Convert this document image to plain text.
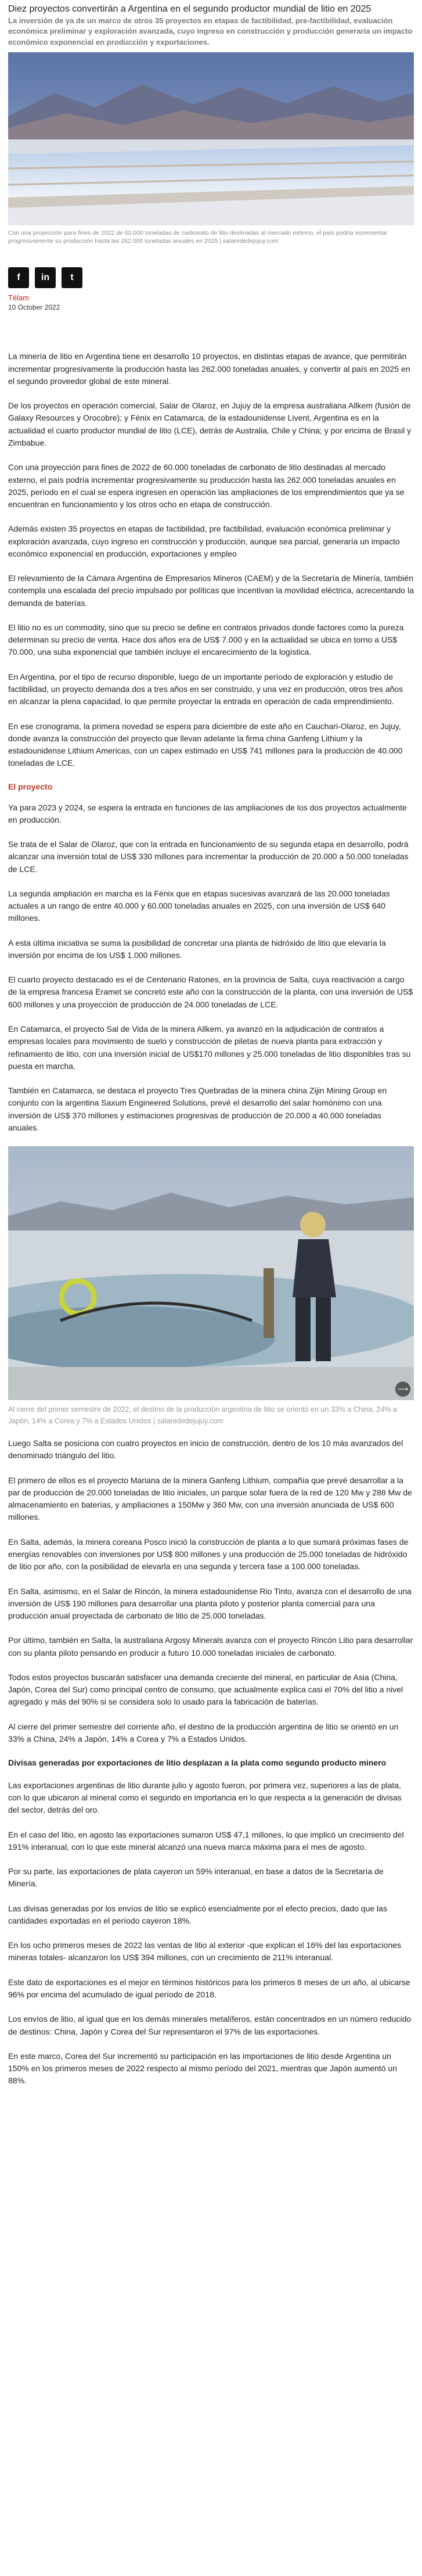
Diez proyectos convertirán a Argentina en el segundo productor mundial de litio en 2025

La inversión de ya de un marco de otros 35 proyectos en etapas de factibilidad, pre-factibilidad, evaluación económica preliminar y exploración avanzada, cuyo ingreso en construcción y producción generaría un impacto económico exponencial en producción y exportaciones.

Con una proyección para fines de 2022 de 60.000 toneladas de carbonato de litio destinadas al mercado externo, el país podría incrementar progresivamente su producción hasta las 262.000 toneladas anuales en 2025 | salarededejujuy.com

f in t

Télam

10 October 2022

La minería de litio en Argentina tiene en desarrollo 10 proyectos, en distintas etapas de avance, que permitirán incrementar progresivamente la producción hasta las 262.000 toneladas anuales, y convertir al país en 2025 en el segundo proveedor global de este mineral.

De los proyectos en operación comercial, Salar de Olaroz, en Jujuy de la empresa australiana Allkem (fusión de Galaxy Resources y Orocobre); y Fénix en Catamarca, de la estadounidense Livent, Argentina es en la actualidad el cuarto productor mundial de litio (LCE), detrás de Australia, Chile y China; y por encima de Brasil y Zimbabue.

Con una proyección para fines de 2022 de 60.000 toneladas de carbonato de litio destinadas al mercado externo, el país podría incrementar progresivamente su producción hasta las 262.000 toneladas anuales en 2025, período en el cual se espera ingresen en operación las ampliaciones de los emprendimientos que ya se encuentran en funcionamiento y los otros ocho en etapa de construcción.

Además existen 35 proyectos en etapas de factibilidad, pre factibilidad, evaluación económica preliminar y exploración avanzada, cuyo ingreso en construcción y producción, aunque sea parcial, generaría un impacto económico exponencial en producción, exportaciones y empleo

El relevamiento de la Cámara Argentina de Empresarios Mineros (CAEM) y de la Secretaría de Minería, también contempla una escalada del precio impulsado por políticas que incentivan la movilidad eléctrica, acrecentando la demanda de baterías.

El litio no es un commodity, sino que su precio se define en contratos privados donde factores como la pureza determinan su precio de venta. Hace dos años era de US$ 7.000 y en la actualidad se ubica en torno a US$ 70.000, una suba exponencial que también incluye el encarecimiento de la logística.

En Argentina, por el tipo de recurso disponible, luego de un importante período de exploración y estudio de factibilidad, un proyecto demanda dos a tres años en ser construido, y una vez en producción, otros tres años en alcanzar la plena capacidad, lo que permite proyectar la entrada en operación de cada emprendimiento.

En ese cronograma, la primera novedad se espera para diciembre de este año en Cauchari-Olaroz, en Jujuy, donde avanza la construcción del proyecto que llevan adelante la firma china Ganfeng Lithium y la estadounidense Lithium Americas, con un capex estimado en US$ 741 millones para la producción de 40.000 toneladas de LCE.

El proyecto

Ya para 2023 y 2024, se espera la entrada en funciones de las ampliaciones de los dos proyectos actualmente en producción.

Se trata de el Salar de Olaroz, que con la entrada en funcionamiento de su segunda etapa en desarrollo, podrá alcanzar una inversión total de US$ 330 millones para incrementar la producción de 20.000 a 50.000 toneladas de LCE.

La segunda ampliación en marcha es la Fénix que en etapas sucesivas avanzará de las 20.000 toneladas actuales a un rango de entre 40.000 y 60.000 toneladas anuales en 2025, con una inversión de US$ 640 millones.

A esta última iniciativa se suma la posibilidad de concretar una planta de hidróxido de litio que elevaría la inversión por encima de los US$ 1.000 millones.

El cuarto proyecto destacado es el de Centenario Ratones, en la provincia de Salta, cuya reactivación a cargo de la empresa francesa Eramet se concretó este año con la construcción de la planta, con una inversión de US$ 600 millones y una proyección de producción de 24.000 toneladas de LCE.

En Catamarca, el proyecto Sal de Vida de la minera Allkem, ya avanzó en la adjudicación de contratos a empresas locales para movimiento de suelo y construcción de piletas de nueva planta para extracción y refinamiento de litio, con una inversión inicial de US$170 millones y 25.000 toneladas de litio disponibles tras su puesta en marcha.

También en Catamarca, se destaca el proyecto Tres Quebradas de la minera china Zijin Mining Group en conjunto con la argentina Saxum Engineered Solutions, prevé el desarrollo del salar homónimo con una inversión de US$ 370 millones y estimaciones progresivas de producción de 20.000 a 40.000 toneladas anuales.

⟶

Al cierre del primer semestre de 2022, el destino de la producción argentina de litio se orientó en un 33% a China, 24% a Japón, 14% a Corea y 7% a Estados Unidos | salarededejujuy.com

Luego Salta se posiciona con cuatro proyectos en inicio de construcción, dentro de los 10 más avanzados del denominado triángulo del litio.

El primero de ellos es el proyecto Mariana de la minera Ganfeng Lithium, compañía que prevé desarrollar a la par de producción de 20.000 toneladas de litio iniciales, un parque solar fuera de la red de 120 Mw y 288 Mw de almacenamiento en baterías, y ampliaciones a 150Mw y 360 Mw, con una inversión anunciada de US$ 600 millones.

En Salta, además, la minera coreana Posco inició la construcción de planta a lo que sumará próximas fases de energías renovables con inversiones por US$ 800 millones y una producción de 25.000 toneladas de hidróxido de litio por año, con la posibilidad de elevarla en una segunda y tercera fase a 100.000 toneladas.

En Salta, asimismo, en el Salar de Rincón, la minera estadounidense Rio Tinto, avanza con el desarrollo de una inversión de US$ 190 millones para desarrollar una planta piloto y posterior planta comercial para una producción anual proyectada de carbonato de litio de 25.000 toneladas.

Por último, también en Salta, la australiana Argosy Minerals avanza con el proyecto Rincón Litio para desarrollar con su planta piloto pensando en producir a futuro 10.000 toneladas iniciales de carbonato.

Todos estos proyectos buscarán satisfacer una demanda creciente del mineral, en particular de Asia (China, Japón, Corea del Sur) como principal centro de consumo, que actualmente explica casi el 70% del litio a nivel agregado y más del 90% si se considera solo lo usado para la fabricación de baterías.

Al cierre del primer semestre del corriente año, el destino de la producción argentina de litio se orientó en un 33% a China, 24% a Japón, 14% a Corea y 7% a Estados Unidos.

Divisas generadas por exportaciones de litio desplazan a la plata como segundo producto minero

Las exportaciones argentinas de litio durante julio y agosto fueron, por primera vez, superiores a las de plata, con lo que ubicaron al mineral como el segundo en importancia en lo que respecta a la generación de divisas del sector, detrás del oro.

En el caso del litio, en agosto las exportaciones sumaron US$ 47,1 millones, lo que implicó un crecimiento del 191% interanual, con lo que este mineral alcanzó una nueva marca máxima para el mes de agosto.

Por su parte, las exportaciones de plata cayeron un 59% interanual, en base a datos de la Secretaría de Minería.

Las divisas generadas por los envíos de litio se explicó esencialmente por el efecto precios, dado que las cantidades exportadas en el período cayeron 18%.

En los ocho primeros meses de 2022 las ventas de litio al exterior -que explican el 16% del las exportaciones mineras totales- alcanzaron los US$ 394 millones, con un crecimiento de 211% interanual.

Este dato de exportaciones es el mejor en términos históricos para los primeros 8 meses de un año, al ubicarse 96% por encima del acumulado de igual período de 2018.

Los envíos de litio, al igual que en los demás minerales metalíferos, están concentrados en un número reducido de destinos: China, Japón y Corea del Sur representaron el 97% de las exportaciones.

En este marco, Corea del Sur incrementó su participación en las importaciones de litio desde Argentina un 150% en los primeros meses de 2022 respecto al mismo período del 2021, mientras que Japón aumentó un 88%.
